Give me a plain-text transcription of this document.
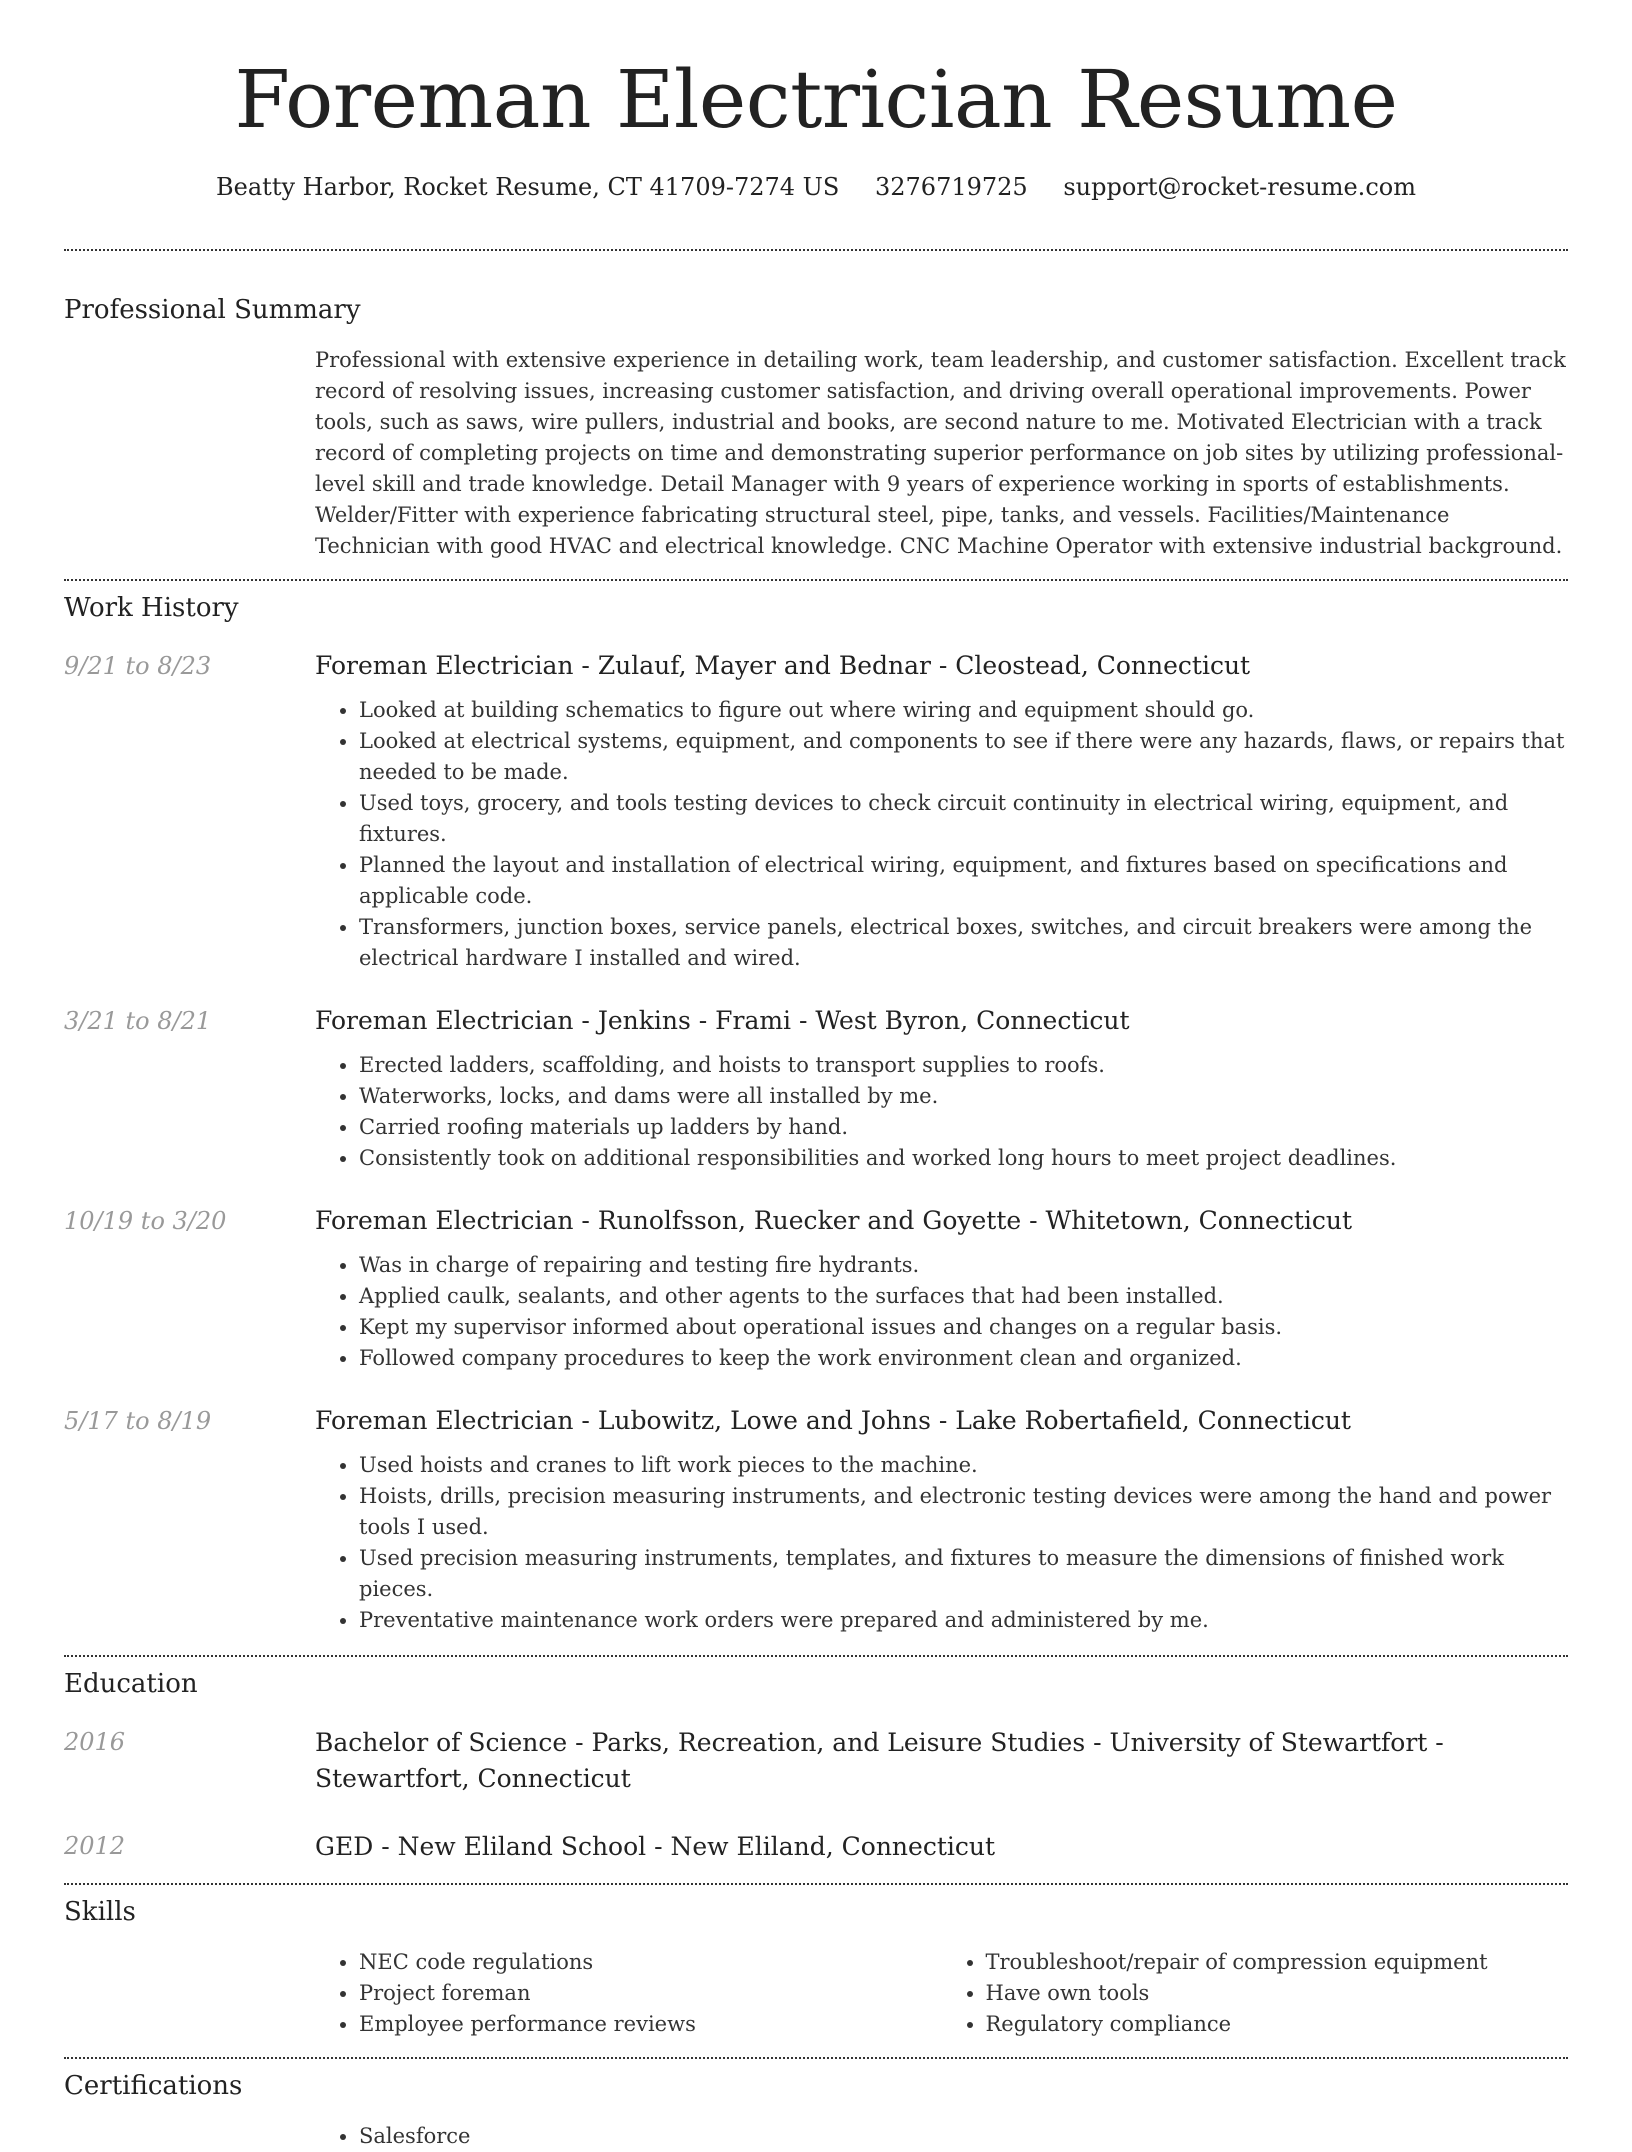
Foreman Electrician Resume
Beatty Harbor, Rocket Resume, CT 41709-7274 US 3276719725 support@rocket-resume.com
Professional Summary

Professional with extensive experience in detailing work, team leadership, and customer satisfaction. Excellent track record of resolving issues, increasing customer satisfaction, and driving overall operational improvements. Power tools, such as saws, wire pullers, industrial and books, are second nature to me. Motivated Electrician with a track record of completing projects on time and demonstrating superior performance on job sites by utilizing professional-level skill and trade knowledge. Detail Manager with 9 years of experience working in sports of establishments. Welder/Fitter with experience fabricating structural steel, pipe, tanks, and vessels. Facilities/Maintenance Technician with good HVAC and electrical knowledge. CNC Machine Operator with extensive industrial background.

Work History
9/21 to 8/23	Foreman Electrician - Zulauf, Mayer and Bednar - Cleostead, Connecticut

• Looked at building schematics to figure out where wiring and equipment should go.
• Looked at electrical systems, equipment, and components to see if there were any hazards, flaws, or repairs that needed to be made.
• Used toys, grocery, and tools testing devices to check circuit continuity in electrical wiring, equipment, and fixtures.
• Planned the layout and installation of electrical wiring, equipment, and fixtures based on specifications and applicable code.
• Transformers, junction boxes, service panels, electrical boxes, switches, and circuit breakers were among the electrical hardware I installed and wired.
3/21 to 8/21	Foreman Electrician - Jenkins - Frami - West Byron, Connecticut

• Erected ladders, scaffolding, and hoists to transport supplies to roofs.
• Waterworks, locks, and dams were all installed by me.
• Carried roofing materials up ladders by hand.
• Consistently took on additional responsibilities and worked long hours to meet project deadlines.
10/19 to 3/20	Foreman Electrician - Runolfsson, Ruecker and Goyette - Whitetown, Connecticut

• Was in charge of repairing and testing fire hydrants.
• Applied caulk, sealants, and other agents to the surfaces that had been installed.
• Kept my supervisor informed about operational issues and changes on a regular basis.
• Followed company procedures to keep the work environment clean and organized.
5/17 to 8/19	Foreman Electrician - Lubowitz, Lowe and Johns - Lake Robertafield, Connecticut

• Used hoists and cranes to lift work pieces to the machine.
• Hoists, drills, precision measuring instruments, and electronic testing devices were among the hand and power tools I used.
• Used precision measuring instruments, templates, and fixtures to measure the dimensions of finished work pieces.
• Preventative maintenance work orders were prepared and administered by me.
Education
2016	Bachelor of Science - Parks, Recreation, and Leisure Studies - University of Stewartfort - Stewartfort, Connecticut

2012	GED - New Eliland School - New Eliland, Connecticut

Skills
• NEC code regulations
• Project foreman
• Employee performance reviews
• Troubleshoot/repair of compression equipment
• Have own tools
• Regulatory compliance
Certifications
• Salesforce
